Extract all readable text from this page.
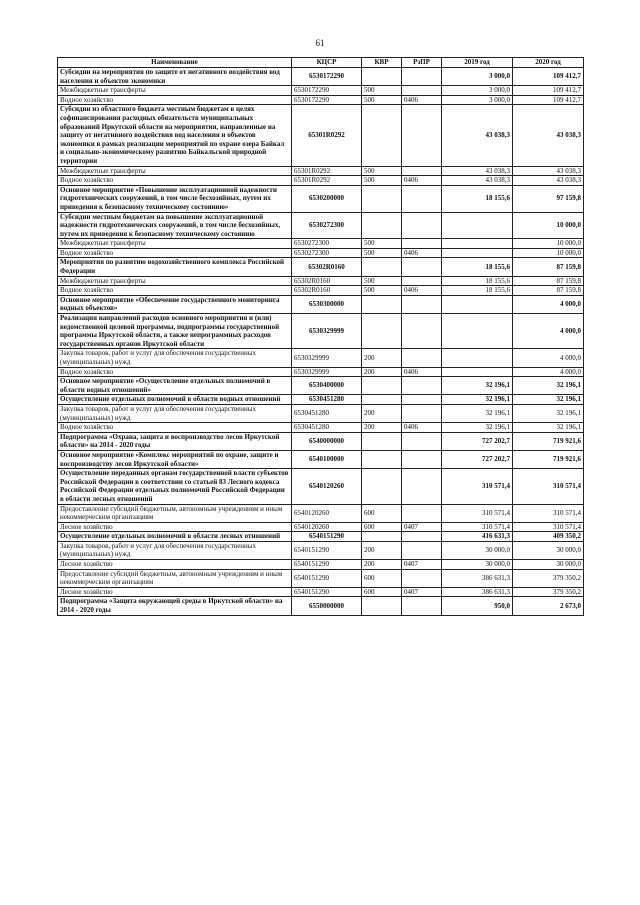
61
Наименование	КЦСР	КВР	РзПР	2019 год	2020 год
Субсидии на мероприятия по защите от негативного воздействия вод населения и объектов экономики	6530172290			3 000,0	109 412,7
Межбюджетные трансферты	6530172290	500		3 000,0	109 412,7
Водное хозяйство	6530172290	500	0406	3 000,0	109 412,7
Субсидии из областного бюджета местным бюджетам в целях софинансирования расходных обязательств муниципальных образований Иркутской области на мероприятия, направленные на защиту от негативного воздействия вод населения и объектов экономики в рамках реализации мероприятий по охране озера Байкал и социально-экономическому развитию Байкальской природной территории	65301R0292			43 038,3	43 038,3
Межбюджетные трансферты	65301R0292	500		43 038,3	43 038,3
Водное хозяйство	65301R0292	500	0406	43 038,3	43 038,3
Основное мероприятие «Повышение эксплуатационной надежности гидротехнических сооружений, в том числе бесхозяйных, путем их приведения к безопасному техническому состоянию»	6530200000			18 155,6	97 159,8
Субсидии местным бюджетам на повышение эксплуатационной надежности гидротехнических сооружений, в том числе бесхозяйных, путем их приведения к безопасному техническому состоянию	6530272300				10 000,0
Межбюджетные трансферты	6530272300	500			10 000,0
Водное хозяйство	6530272300	500	0406		10 000,0
Мероприятия по развитию водохозяйственного комплекса Российской Федерации	65302R0160			18 155,6	87 159,8
Межбюджетные трансферты	65302R0160	500		18 155,6	87 159,8
Водное хозяйство	65302R0160	500	0406	18 155,6	87 159,8
Основное мероприятие «Обеспечение государственного мониторинга водных объектов»	6530300000				4 000,0
Реализация направлений расходов основного мероприятия и (или) ведомственной целевой программы, подпрограммы государственной программы Иркутской области, а также непрограммных расходов государственных органов Иркутской области	6530329999				4 000,0
Закупка товаров, работ и услуг для обеспечения государственных (муниципальных) нужд	6530329999	200			4 000,0
Водное хозяйство	6530329999	200	0406		4 000,0
Основное мероприятие «Осуществление отдельных полномочий в области водных отношений»	6530400000			32 196,1	32 196,1
Осуществление отдельных полномочий в области водных отношений	6530451280			32 196,1	32 196,1
Закупка товаров, работ и услуг для обеспечения государственных (муниципальных) нужд	6530451280	200		32 196,1	32 196,1
Водное хозяйство	6530451280	200	0406	32 196,1	32 196,1
Подпрограмма «Охрана, защита и воспроизводство лесов Иркутской области» на 2014 - 2020 годы	6540000000			727 202,7	719 921,6
Основное мероприятие «Комплекс мероприятий по охране, защите и воспроизводству лесов Иркутской области»	6540100000			727 202,7	719 921,6
Осуществление переданных органам государственной власти субъектов Российской Федерации в соответствии со статьей 83 Лесного кодекса Российской Федерации отдельных полномочий Российской Федерации в области лесных отношений	6540120260			310 571,4	310 571,4
Предоставление субсидий бюджетным, автономным учреждениям и иным некоммерческим организациям	6540120260	600		310 571,4	310 571,4
Лесное хозяйство	6540120260	600	0407	310 571,4	310 571,4
Осуществление отдельных полномочий в области лесных отношений	6540151290			416 631,3	409 350,2
Закупка товаров, работ и услуг для обеспечения государственных (муниципальных) нужд	6540151290	200		30 000,0	30 000,0
Лесное хозяйство	6540151290	200	0407	30 000,0	30 000,0
Предоставление субсидий бюджетным, автономным учреждениям и иным некоммерческим организациям	6540151290	600		386 631,3	379 350,2
Лесное хозяйство	6540151290	600	0407	386 631,3	379 350,2
Подпрограмма «Защита окружающей среды в Иркутской области» на 2014 - 2020 годы	6550000000			950,0	2 673,0
